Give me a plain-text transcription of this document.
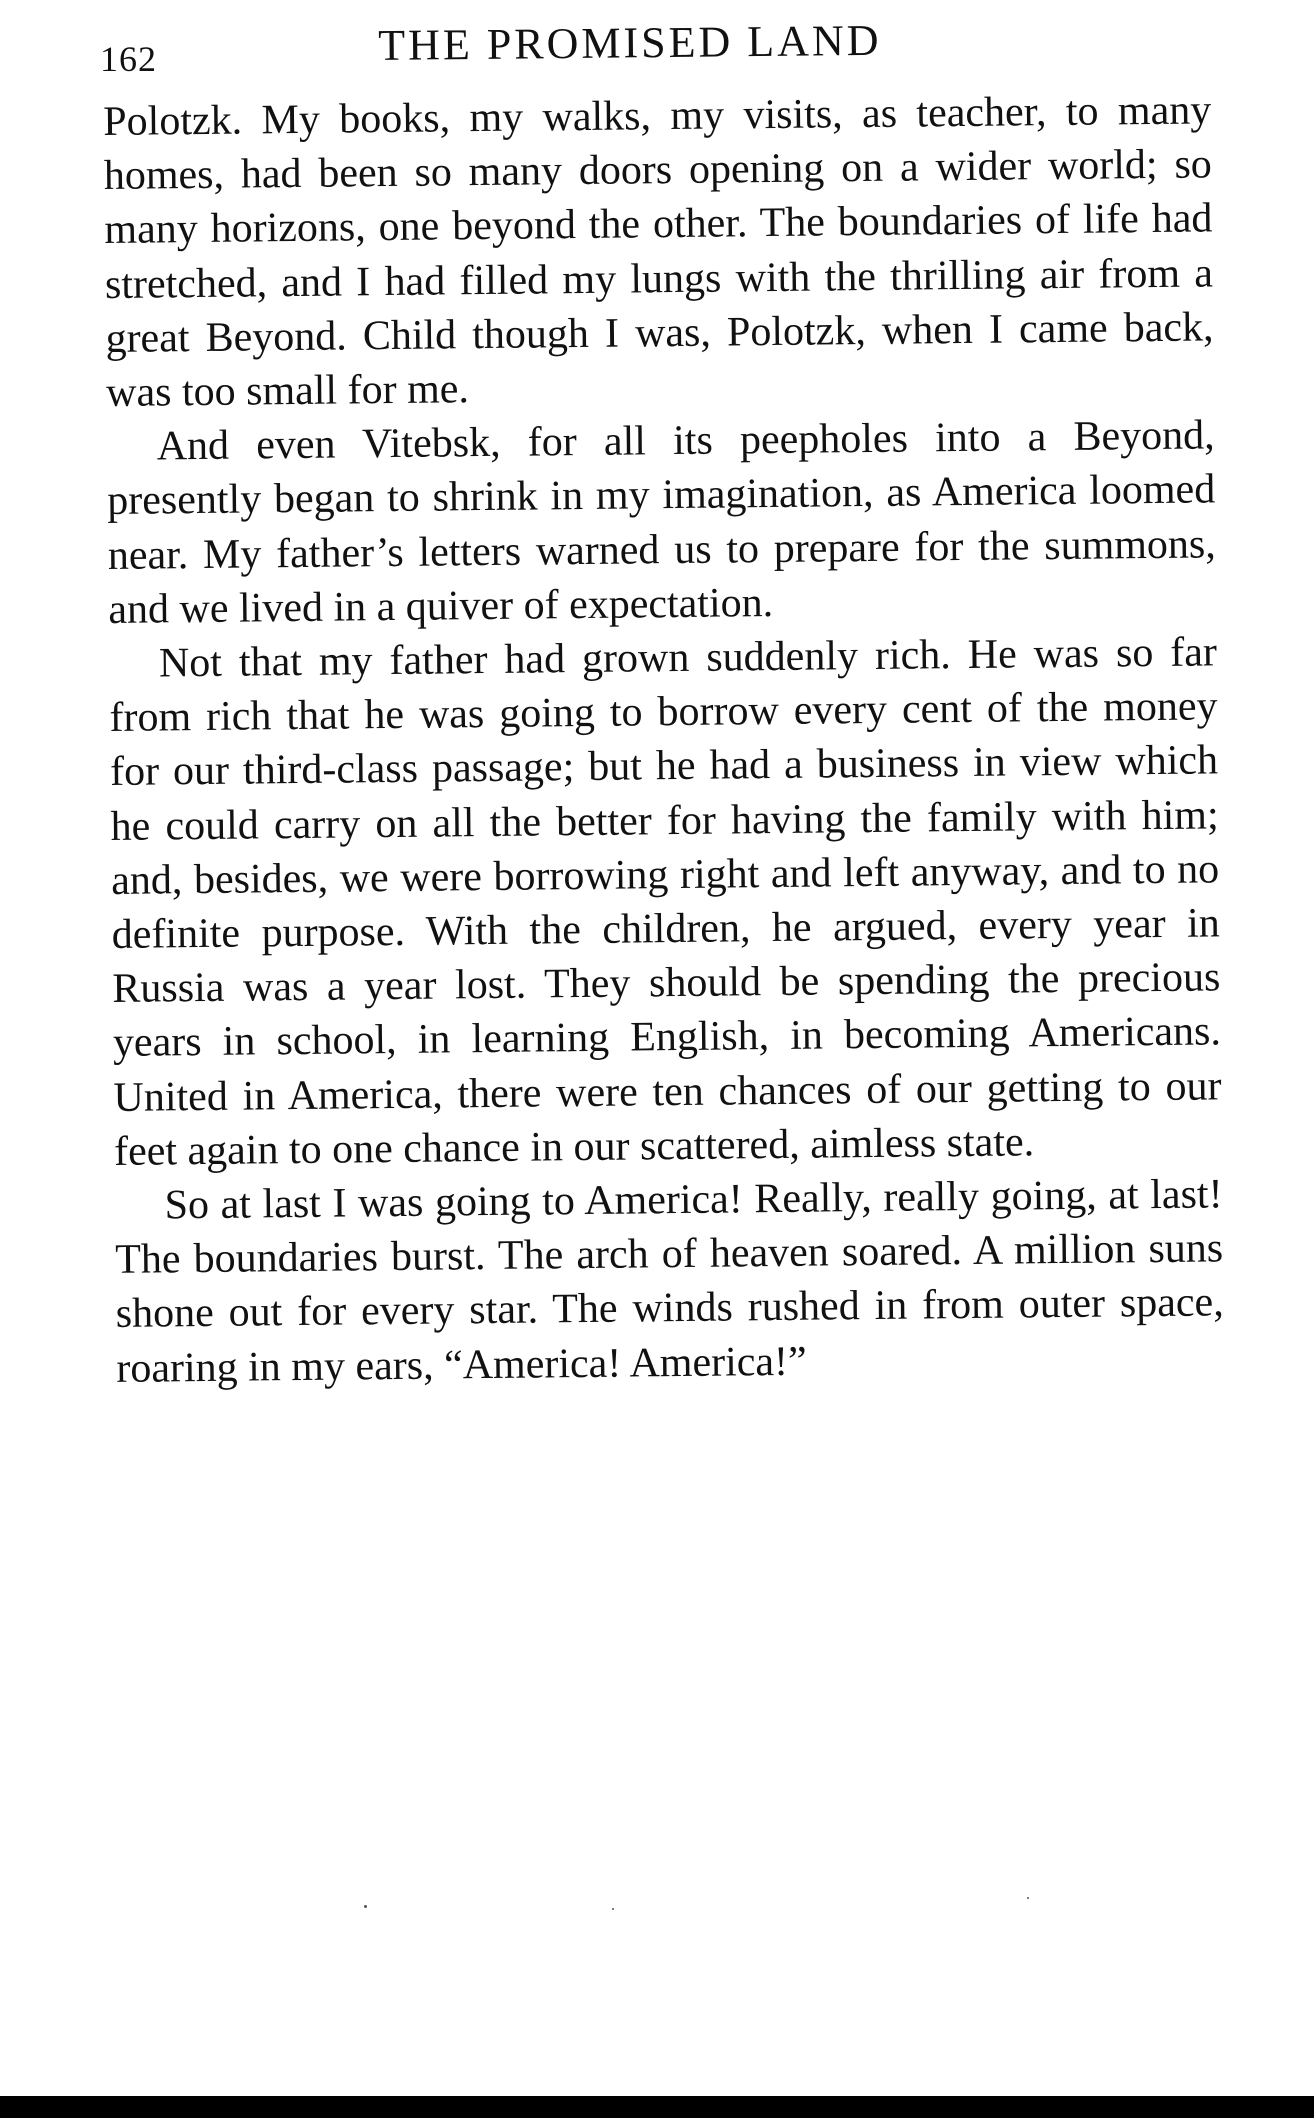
162	THE PROMISED LAND

Polotzk. My books, my walks, my visits, as teacher, to many homes, had been so many doors opening on a wider world; so many horizons, one beyond the other. The boundaries of life had stretched, and I had filled my lungs with the thrilling air from a great Beyond. Child though I was, Polotzk, when I came back, was too small for me.

And even Vitebsk, for all its peepholes into a Beyond, presently began to shrink in my imagination, as America loomed near. My father’s letters warned us to prepare for the summons, and we lived in a quiver of expectation.

Not that my father had grown suddenly rich. He was so far from rich that he was going to borrow every cent of the money for our third-class passage; but he had a business in view which he could carry on all the better for having the family with him; and, besides, we were borrowing right and left anyway, and to no definite purpose. With the children, he argued, every year in Russia was a year lost. They should be spending the precious years in school, in learning English, in becoming Americans. United in America, there were ten chances of our getting to our feet again to one chance in our scattered, aimless state.

So at last I was going to America! Really, really going, at last! The boundaries burst. The arch of heaven soared. A million suns shone out for every star. The winds rushed in from outer space, roaring in my ears, “America! America!”
